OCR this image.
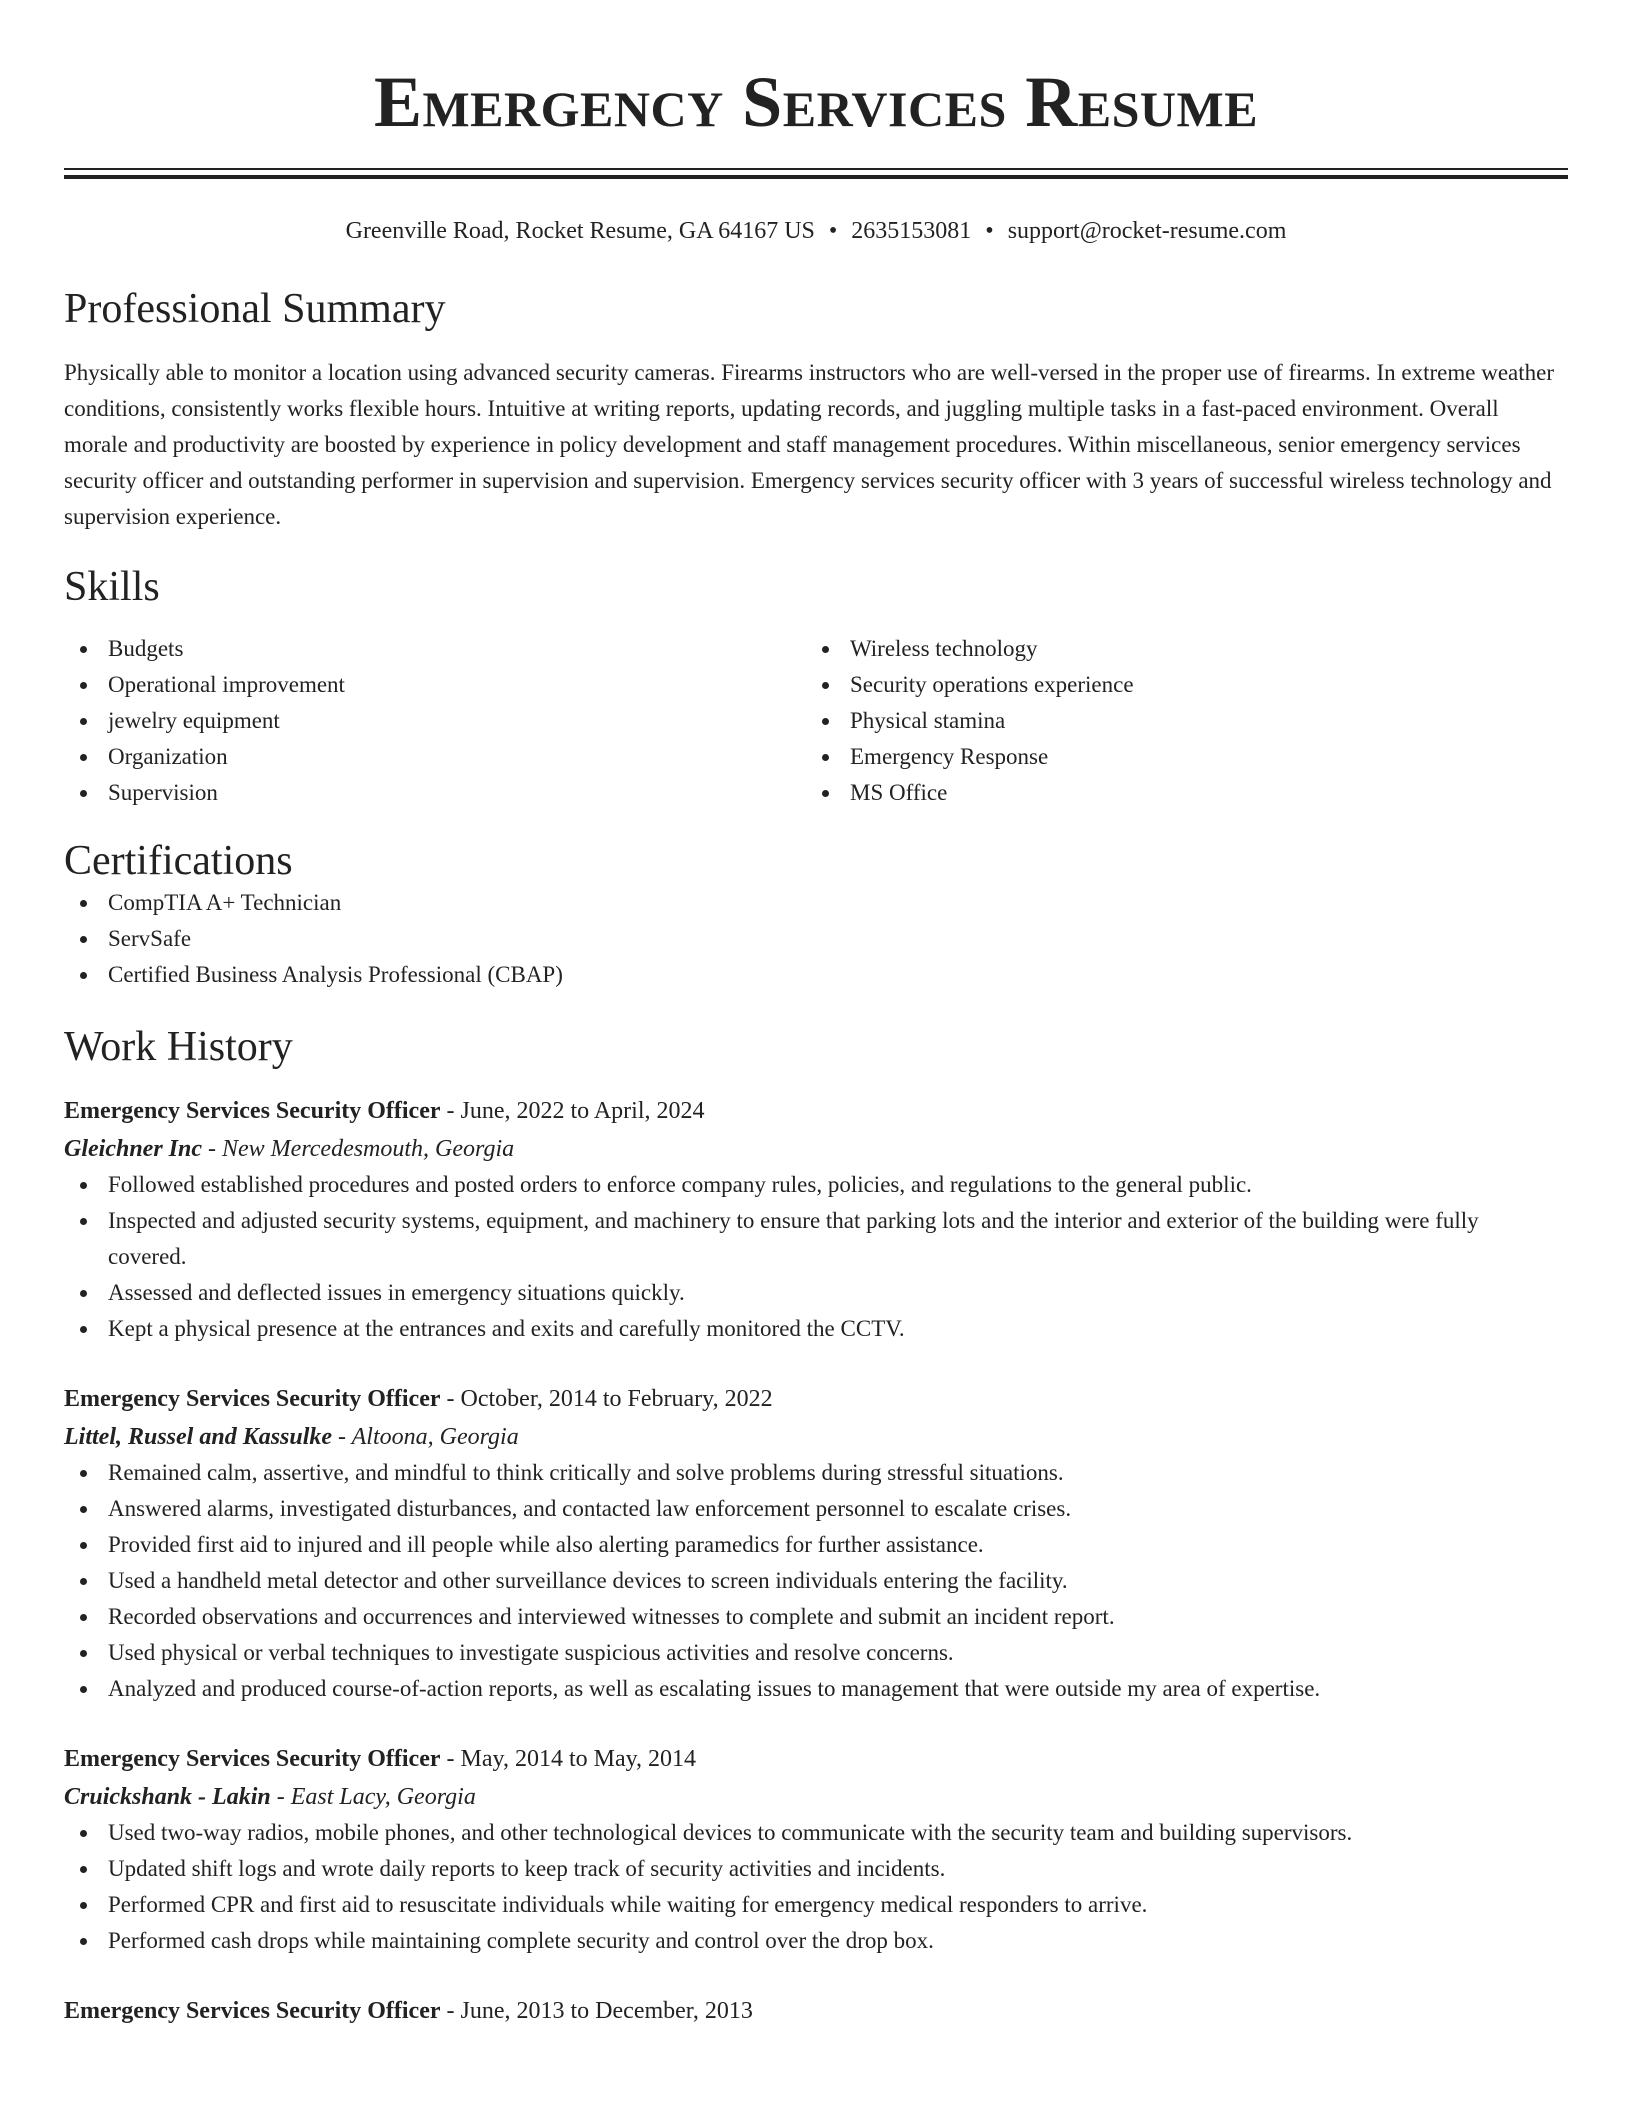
Emergency Services Resume
Greenville Road, Rocket Resume, GA 64167 US • 2635153081 • support@rocket-resume.com
Professional Summary
Physically able to monitor a location using advanced security cameras. Firearms instructors who are well-versed in the proper use of firearms. In extreme weather conditions, consistently works flexible hours. Intuitive at writing reports, updating records, and juggling multiple tasks in a fast-paced environment. Overall morale and productivity are boosted by experience in policy development and staff management procedures. Within miscellaneous, senior emergency services security officer and outstanding performer in supervision and supervision. Emergency services security officer with 3 years of successful wireless technology and supervision experience.
Skills
Budgets
Operational improvement
jewelry equipment
Organization
Supervision
Wireless technology
Security operations experience
Physical stamina
Emergency Response
MS Office
Certifications
CompTIA A+ Technician
ServSafe
Certified Business Analysis Professional (CBAP)
Work History
Emergency Services Security Officer - June, 2022 to April, 2024
Gleichner Inc - New Mercedesmouth, Georgia
Followed established procedures and posted orders to enforce company rules, policies, and regulations to the general public.
Inspected and adjusted security systems, equipment, and machinery to ensure that parking lots and the interior and exterior of the building were fully covered.
Assessed and deflected issues in emergency situations quickly.
Kept a physical presence at the entrances and exits and carefully monitored the CCTV.
Emergency Services Security Officer - October, 2014 to February, 2022
Littel, Russel and Kassulke - Altoona, Georgia
Remained calm, assertive, and mindful to think critically and solve problems during stressful situations.
Answered alarms, investigated disturbances, and contacted law enforcement personnel to escalate crises.
Provided first aid to injured and ill people while also alerting paramedics for further assistance.
Used a handheld metal detector and other surveillance devices to screen individuals entering the facility.
Recorded observations and occurrences and interviewed witnesses to complete and submit an incident report.
Used physical or verbal techniques to investigate suspicious activities and resolve concerns.
Analyzed and produced course-of-action reports, as well as escalating issues to management that were outside my area of expertise.
Emergency Services Security Officer - May, 2014 to May, 2014
Cruickshank - Lakin - East Lacy, Georgia
Used two-way radios, mobile phones, and other technological devices to communicate with the security team and building supervisors.
Updated shift logs and wrote daily reports to keep track of security activities and incidents.
Performed CPR and first aid to resuscitate individuals while waiting for emergency medical responders to arrive.
Performed cash drops while maintaining complete security and control over the drop box.
Emergency Services Security Officer - June, 2013 to December, 2013
